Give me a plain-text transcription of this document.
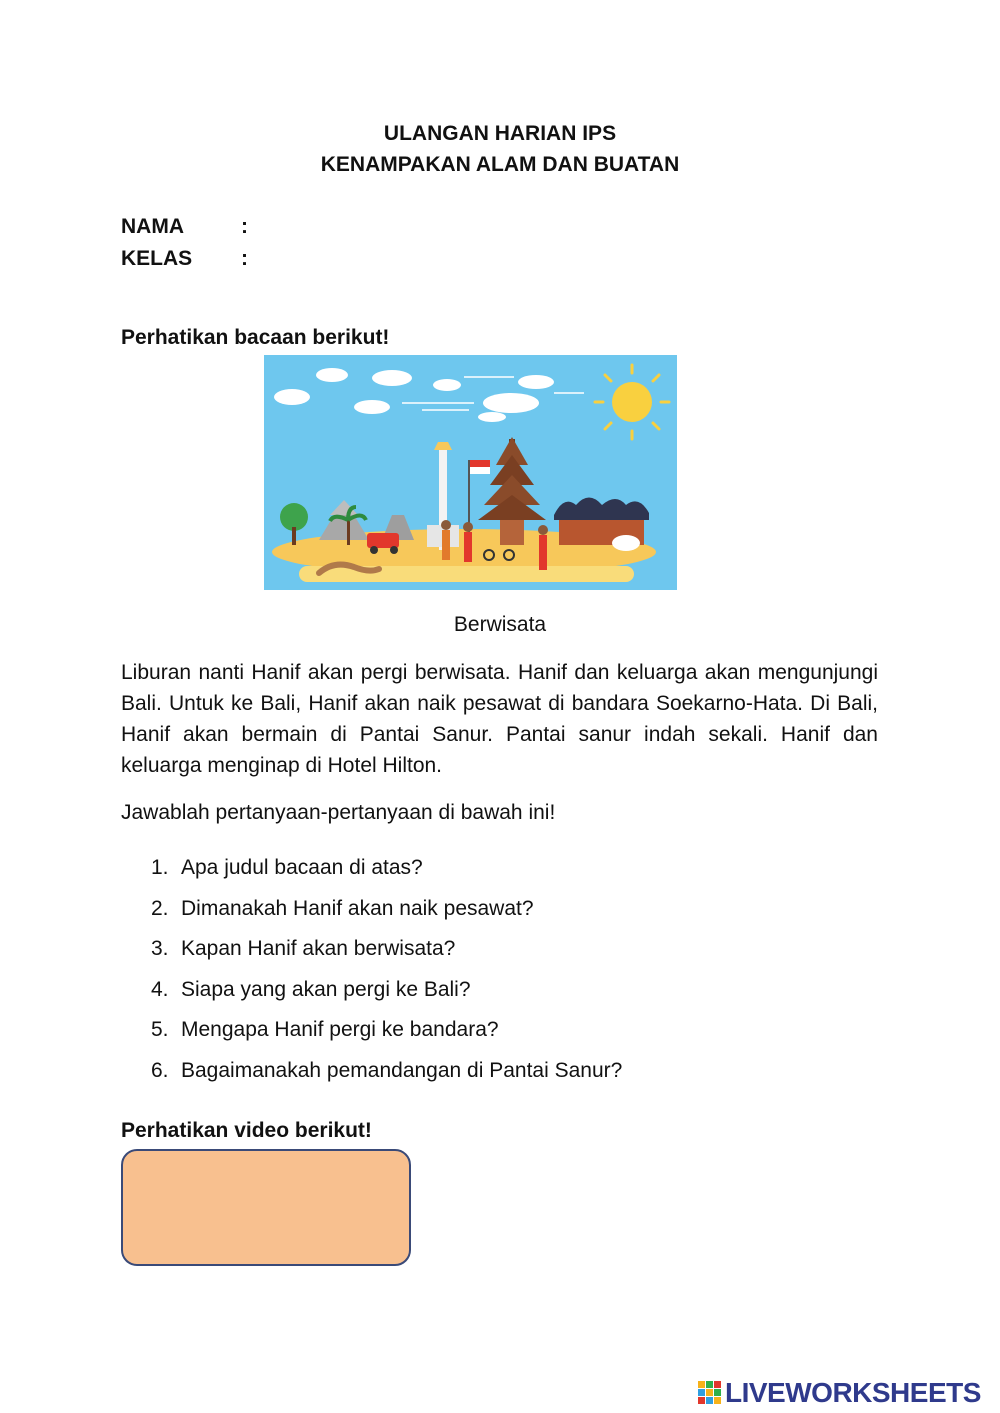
ULANGAN HARIAN IPS
KENAMPAKAN ALAM DAN BUATAN
NAMA	:
KELAS :
Perhatikan bacaan berikut!
Berwisata

Liburan nanti Hanif akan pergi berwisata. Hanif dan keluarga akan mengunjungi Bali. Untuk ke Bali, Hanif akan naik pesawat di bandara Soekarno-Hata. Di Bali, Hanif akan bermain di Pantai Sanur. Pantai sanur indah sekali. Hanif dan keluarga menginap di Hotel Hilton.

Jawablah pertanyaan-pertanyaan di bawah ini!
1. Apa judul bacaan di atas?
2. Dimanakah Hanif akan naik pesawat?
3. Kapan Hanif akan berwisata?
4. Siapa yang akan pergi ke Bali?
5. Mengapa Hanif pergi ke bandara?
6. Bagaimanakah pemandangan di Pantai Sanur?
Perhatikan video berikut!
LIVEWORKSHEETS
